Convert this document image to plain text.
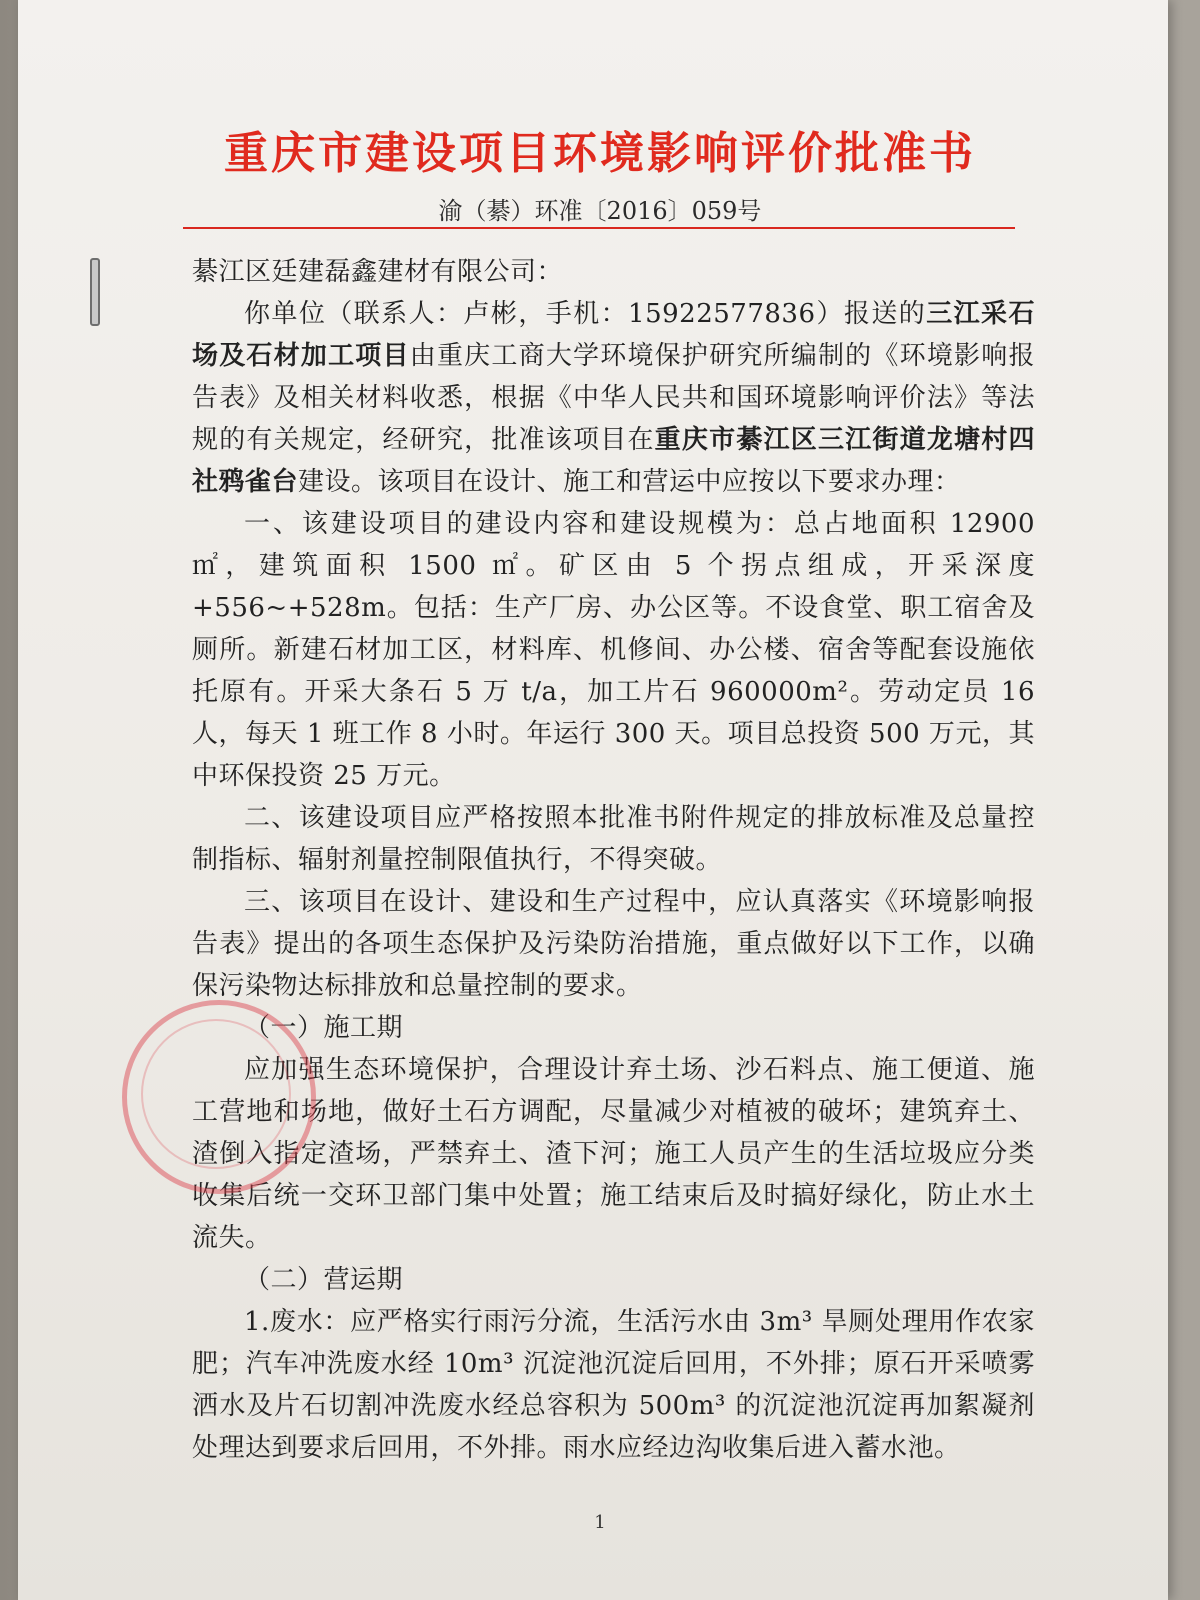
重庆市建设项目环境影响评价批准书
渝（綦）环准〔2016〕059号

綦江区廷建磊鑫建材有限公司：

你单位（联系人：卢彬，手机：15922577836）报送的三江采石场及石材加工项目由重庆工商大学环境保护研究所编制的《环境影响报告表》及相关材料收悉，根据《中华人民共和国环境影响评价法》等法规的有关规定，经研究，批准该项目在重庆市綦江区三江街道龙塘村四社鸦雀台建设。该项目在设计、施工和营运中应按以下要求办理：

一、该建设项目的建设内容和建设规模为：总占地面积 12900 ㎡，建筑面积 1500 ㎡。矿区由 5 个拐点组成，开采深度+556~+528m。包括：生产厂房、办公区等。不设食堂、职工宿舍及厕所。新建石材加工区，材料库、机修间、办公楼、宿舍等配套设施依托原有。开采大条石 5 万 t/a，加工片石 960000m²。劳动定员 16 人，每天 1 班工作 8 小时。年运行 300 天。项目总投资 500 万元，其中环保投资 25 万元。

二、该建设项目应严格按照本批准书附件规定的排放标准及总量控制指标、辐射剂量控制限值执行，不得突破。

三、该项目在设计、建设和生产过程中，应认真落实《环境影响报告表》提出的各项生态保护及污染防治措施，重点做好以下工作，以确保污染物达标排放和总量控制的要求。

（一）施工期

应加强生态环境保护，合理设计弃土场、沙石料点、施工便道、施工营地和场地，做好土石方调配，尽量减少对植被的破坏；建筑弃土、渣倒入指定渣场，严禁弃土、渣下河；施工人员产生的生活垃圾应分类收集后统一交环卫部门集中处置；施工结束后及时搞好绿化，防止水土流失。

（二）营运期

1.废水：应严格实行雨污分流，生活污水由 3m³ 旱厕处理用作农家肥；汽车冲洗废水经 10m³ 沉淀池沉淀后回用，不外排；原石开采喷雾洒水及片石切割冲洗废水经总容积为 500m³ 的沉淀池沉淀再加絮凝剂处理达到要求后回用，不外排。雨水应经边沟收集后进入蓄水池。

1
